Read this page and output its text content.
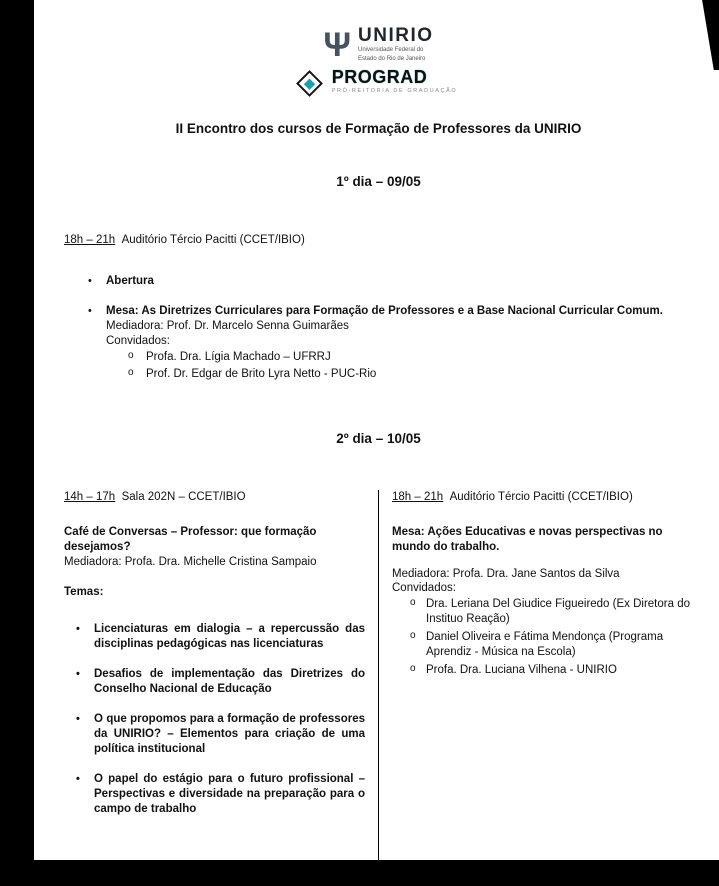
Ψ UNIRIO
Universidade Federal do
Estado do Rio de Janeiro
PROGRAD
PRÓ-REITORIA DE GRADUAÇÃO
II Encontro dos cursos de Formação de Professores da UNIRIO
1º dia – 09/05
18h – 21h Auditório Tércio Pacitti (CCET/IBIO)
• Abertura
• Mesa: As Diretrizes Curriculares para Formação de Professores e a Base Nacional Curricular Comum.
Mediadora: Prof. Dr. Marcelo Senna Guimarães
Convidados:
o Profa. Dra. Lígia Machado – UFRRJ
o Prof. Dr. Edgar de Brito Lyra Netto - PUC-Rio
2º dia – 10/05
14h – 17h Sala 202N – CCET/IBIO
Café de Conversas – Professor: que formação desejamos?
Mediadora: Profa. Dra. Michelle Cristina Sampaio
Temas:
• Licenciaturas em dialogia – a repercussão das disciplinas pedagógicas nas licenciaturas
• Desafios de implementação das Diretrizes do Conselho Nacional de Educação
• O que propomos para a formação de professores da UNIRIO? – Elementos para criação de uma política institucional
• O papel do estágio para o futuro profissional – Perspectivas e diversidade na preparação para o campo de trabalho
18h – 21h Auditório Tércio Pacitti (CCET/IBIO)
Mesa: Ações Educativas e novas perspectivas no mundo do trabalho.
Mediadora: Profa. Dra. Jane Santos da Silva
Convidados:
o Dra. Leriana Del Giudice Figueiredo (Ex Diretora do Instituo Reação)
o Daniel Oliveira e Fátima Mendonça (Programa Aprendiz - Música na Escola)
o Profa. Dra. Luciana Vilhena - UNIRIO
